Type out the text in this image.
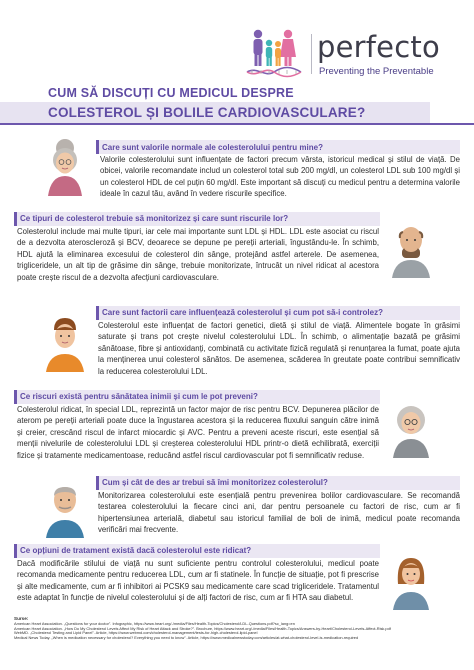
perfecto
Preventing the Preventable
CUM SĂ DISCUȚI CU MEDICUL DESPRE
COLESTEROL ȘI BOLILE CARDIOVASCULARE?
Care sunt valorile normale ale colesterolului pentru mine?
Valorile colesterolului sunt influențate de factori precum vârsta, istoricul medical și stilul de viață. De obicei, valorile recomandate includ un colesterol total sub 200 mg/dl, un colesterol LDL sub 100 mg/dl și un colesterol HDL de cel puțin 60 mg/dl. Este important să discuți cu medicul pentru a determina valorile ideale în cazul tău, având în vedere riscurile specifice.
Ce tipuri de colesterol trebuie să monitorizez și care sunt riscurile lor?
Colesterolul include mai multe tipuri, iar cele mai importante sunt LDL și HDL. LDL este asociat cu riscul de a dezvolta ateroscleroză și BCV, deoarece se depune pe pereții arteriali, îngustându-le. În schimb, HDL ajută la eliminarea excesului de colesterol din sânge, protejând astfel arterele. De asemenea, trigliceridele, un alt tip de grăsime din sânge, trebuie monitorizate, întrucât un nivel ridicat al acestora poate crește riscul de a dezvolta afecțiuni cardiovasculare.
Care sunt factorii care influențează colesterolul și cum pot să-i controlez?
Colesterolul este influențat de factori genetici, dietă și stilul de viață. Alimentele bogate în grăsimi saturate și trans pot crește nivelul colesterolului LDL. În schimb, o alimentație bazată pe grăsimi sănătoase, fibre și antioxidanți, combinată cu activitate fizică regulată și renunțarea la fumat, poate ajuta la menținerea unui colesterol sănătos. De asemenea, scăderea în greutate poate contribui semnificativ la reducerea colesterolului LDL.
Ce riscuri există pentru sănătatea inimii și cum le pot preveni?
Colesterolul ridicat, în special LDL, reprezintă un factor major de risc pentru BCV. Depunerea plăcilor de aterom pe pereții arteriali poate duce la îngustarea acestora și la reducerea fluxului sanguin către inimă și creier, crescând riscul de infarct miocardic și AVC. Pentru a preveni aceste riscuri, este esențial să menții nivelurile de colesterolului LDL și creșterea colesterolului HDL printr-o dietă echilibrată, exerciții fizice și tratamente medicamentoase, reducând astfel riscul cardiovascular pot fi semnificativ reduse.
Cum și cât de des ar trebui să îmi monitorizez colesterolul?
Monitorizarea colesterolului este esențială pentru prevenirea bolilor cardiovasculare. Se recomandă testarea colesterolului la fiecare cinci ani, dar pentru persoanele cu factori de risc, cum ar fi hipertensiunea arterială, diabetul sau istoricul familial de boli de inimă, medicul poate recomanda verificări mai frecvente.
Ce opțiuni de tratament există dacă colesterolul este ridicat?
Dacă modificările stilului de viață nu sunt suficiente pentru controlul colesterolului, medicul poate recomanda medicamente pentru reducerea LDL, cum ar fi statinele. În funcție de situație, pot fi prescrise și alte medicamente, cum ar fi inhibitori ai PCSK9 sau medicamente care scad trigliceridele. Tratamentul este adaptat în funcție de nivelul colesterolului și de alți factori de risc, cum ar fi HTA sau diabetul.
Surse:
American Heart Association. „Questions for your doctor". Infographic, https://www.heart.org/-/media/Files/Health-Topics/Cholesterol/LDL-Questions.pdf?sc_lang=en
American Heart Association. „How Do My Cholesterol Levels Affect My Risk of Heart Attack and Stroke?". Brochure, https://www.heart.org/-/media/Files/Health-Topics/Answers-by-Heart/Cholesterol-Levels-Affect-Risk.pdf
WebMD. „Cholesterol Testing and Lipid Panel". Article, https://www.webmd.com/cholesterol-management/tests-for-high-cholesterol-lipid-panel
Medical News Today. „When is medication necessary for cholesterol? Everything you need to know". Article, https://www.medicalnewstoday.com/articles/at-what-cholesterol-level-is-medication-required
